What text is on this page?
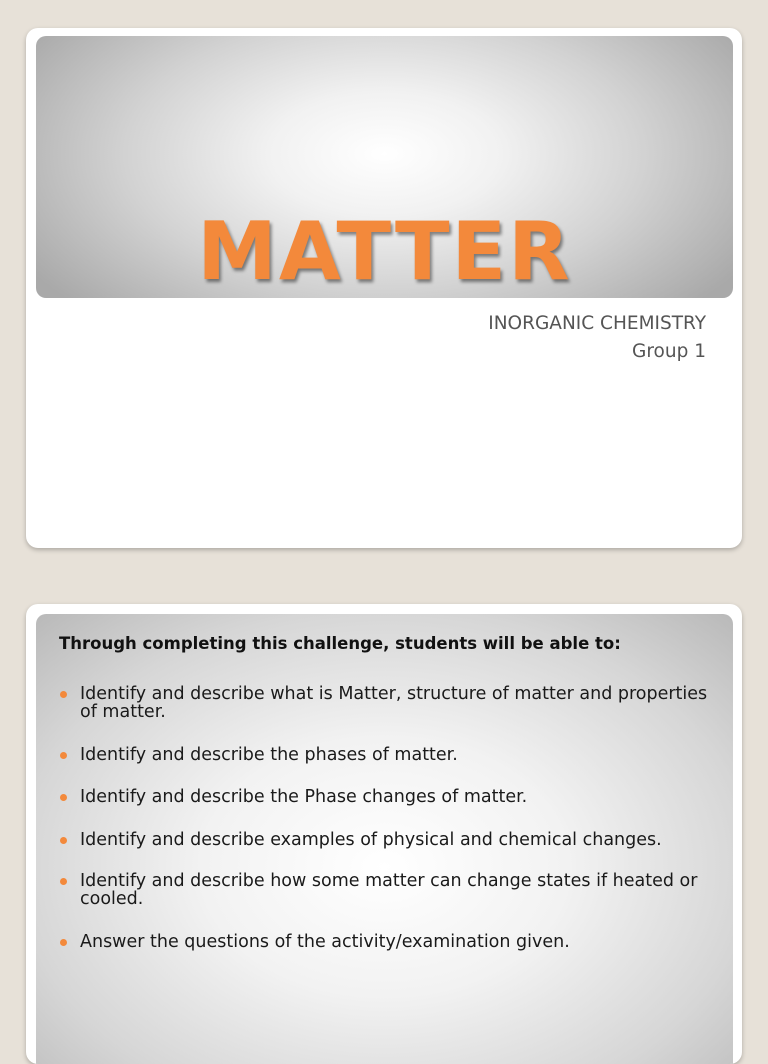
MATTER
INORGANIC CHEMISTRY
Group 1
Through completing this challenge, students will be able to:
Identify and describe what is Matter, structure of matter and properties of matter.
Identify and describe the phases of matter.
Identify and describe the Phase changes of matter.
Identify and describe examples of physical and chemical changes.
Identify and describe how some matter can change states if heated or cooled.
Answer the questions of the activity/examination given.
